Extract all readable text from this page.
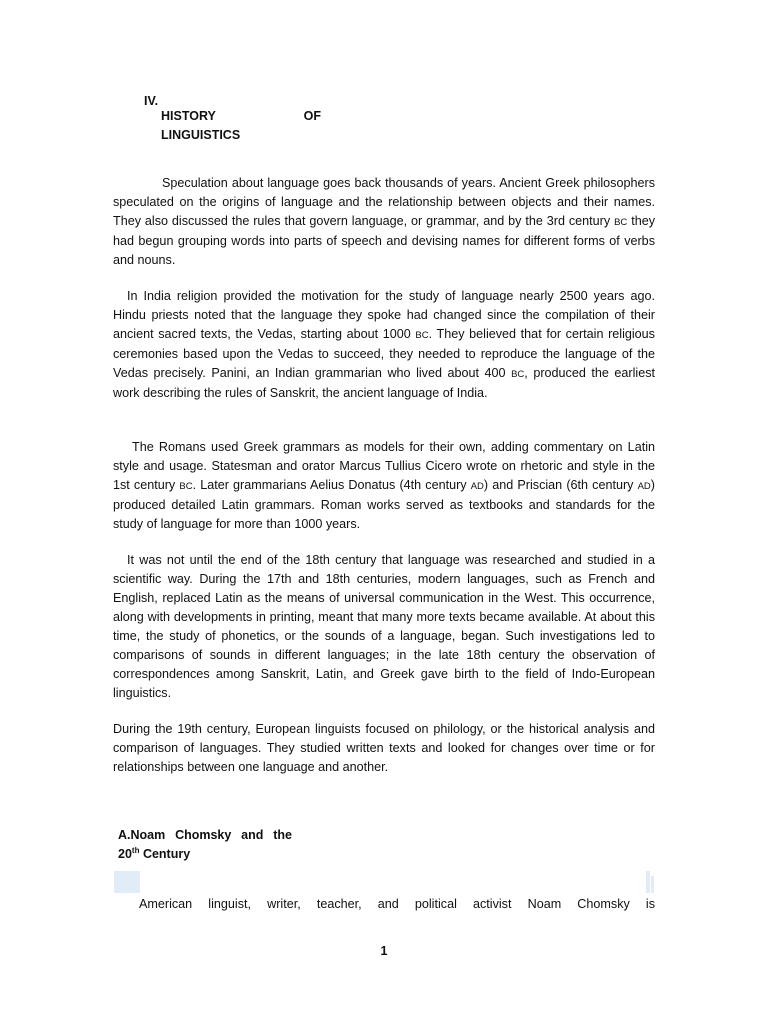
IV.
HISTORY	OF
LINGUISTICS

Speculation about language goes back thousands of years. Ancient Greek philosophers speculated on the origins of language and the relationship between objects and their names. They also discussed the rules that govern language, or grammar, and by the 3rd century BC they had begun grouping words into parts of speech and devising names for different forms of verbs and nouns.

In India religion provided the motivation for the study of language nearly 2500 years ago. Hindu priests noted that the language they spoke had changed since the compilation of their ancient sacred texts, the Vedas, starting about 1000 BC. They believed that for certain religious ceremonies based upon the Vedas to succeed, they needed to reproduce the language of the Vedas precisely. Panini, an Indian grammarian who lived about 400 BC, produced the earliest work describing the rules of Sanskrit, the ancient language of India.

The Romans used Greek grammars as models for their own, adding commentary on Latin style and usage. Statesman and orator Marcus Tullius Cicero wrote on rhetoric and style in the 1st century BC. Later grammarians Aelius Donatus (4th century AD) and Priscian (6th century AD) produced detailed Latin grammars. Roman works served as textbooks and standards for the study of language for more than 1000 years.

It was not until the end of the 18th century that language was researched and studied in a scientific way. During the 17th and 18th centuries, modern languages, such as French and English, replaced Latin as the means of universal communication in the West. This occurrence, along with developments in printing, meant that many more texts became available. At about this time, the study of phonetics, or the sounds of a language, began. Such investigations led to comparisons of sounds in different languages; in the late 18th century the observation of correspondences among Sanskrit, Latin, and Greek gave birth to the field of Indo-European linguistics.

During the 19th century, European linguists focused on philology, or the historical analysis and comparison of languages. They studied written texts and looked for changes over time or for relationships between one language and another.

A.Noam Chomsky and the
20th Century

American linguist, writer, teacher, and political activist Noam Chomsky is

1
